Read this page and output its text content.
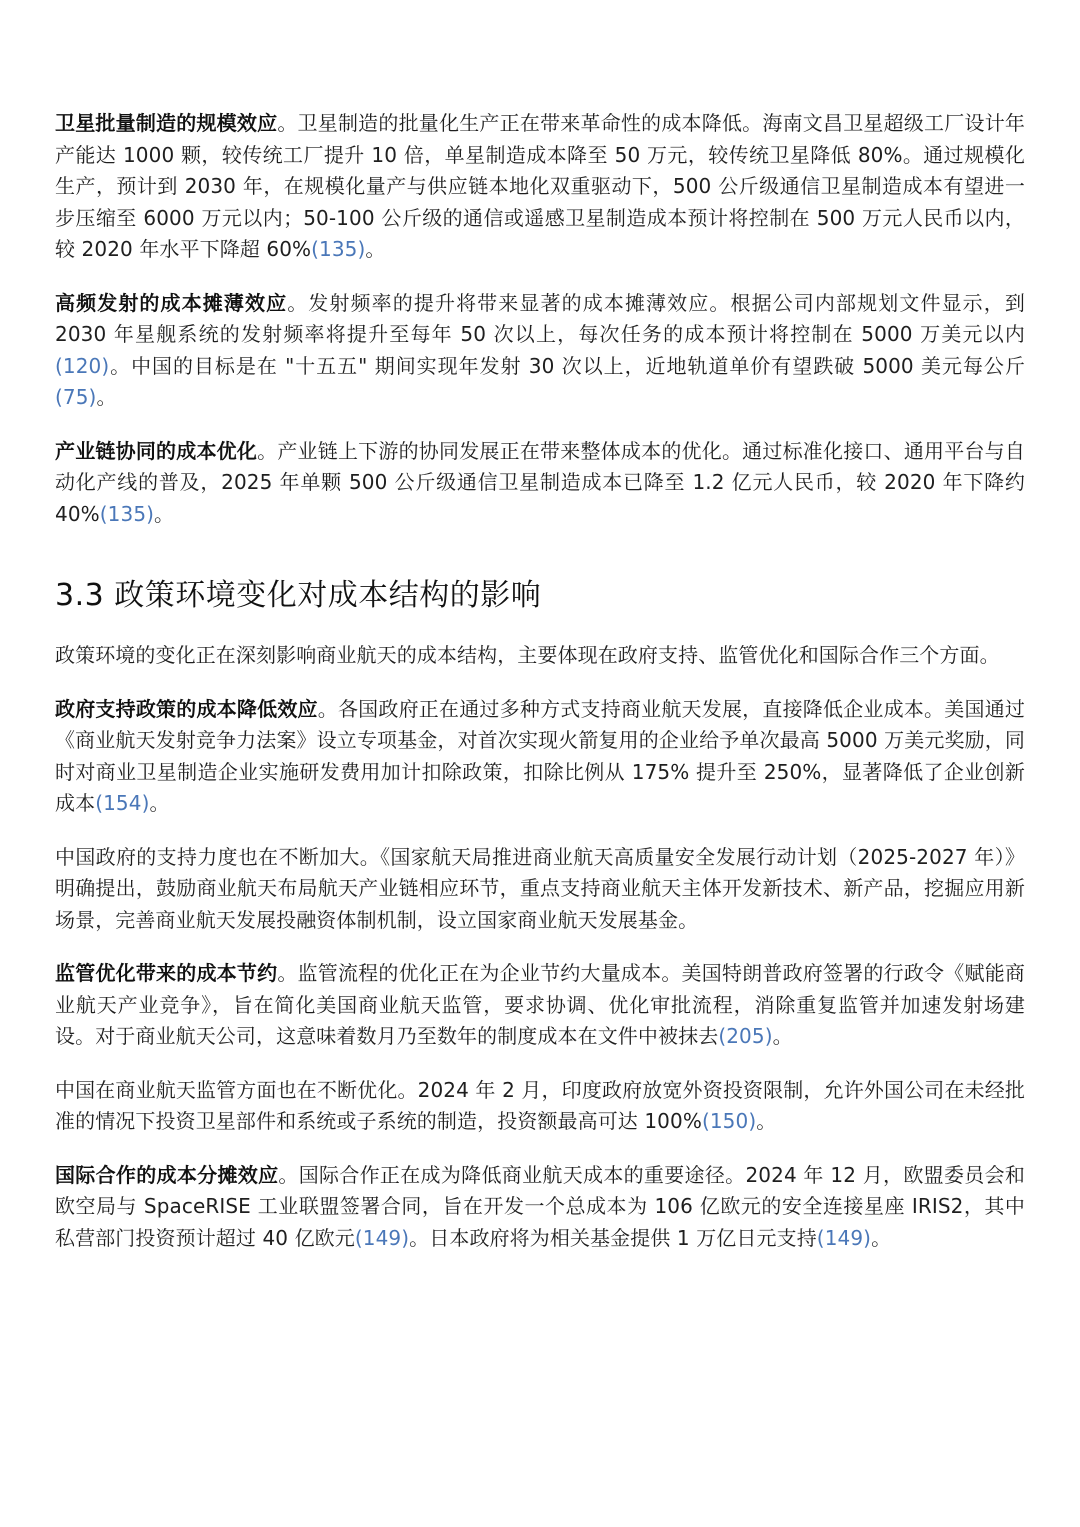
卫星批量制造的规模效应。卫星制造的批量化生产正在带来革命性的成本降低。海南文昌卫星超级工厂设计年产能达 1000 颗，较传统工厂提升 10 倍，单星制造成本降至 50 万元，较传统卫星降低 80%。通过规模化生产，预计到 2030 年，在规模化量产与供应链本地化双重驱动下，500 公斤级通信卫星制造成本有望进一步压缩至 6000 万元以内；50-100 公斤级的通信或遥感卫星制造成本预计将控制在 500 万元人民币以内，较 2020 年水平下降超 60%(135)。

高频发射的成本摊薄效应。发射频率的提升将带来显著的成本摊薄效应。根据公司内部规划文件显示，到 2030 年星舰系统的发射频率将提升至每年 50 次以上，每次任务的成本预计将控制在 5000 万美元以内(120)。中国的目标是在 "十五五" 期间实现年发射 30 次以上，近地轨道单价有望跌破 5000 美元每公斤(75)。

产业链协同的成本优化。产业链上下游的协同发展正在带来整体成本的优化。通过标准化接口、通用平台与自动化产线的普及，2025 年单颗 500 公斤级通信卫星制造成本已降至 1.2 亿元人民币，较 2020 年下降约 40%(135)。

3.3 政策环境变化对成本结构的影响

政策环境的变化正在深刻影响商业航天的成本结构，主要体现在政府支持、监管优化和国际合作三个方面。

政府支持政策的成本降低效应。各国政府正在通过多种方式支持商业航天发展，直接降低企业成本。美国通过《商业航天发射竞争力法案》设立专项基金，对首次实现火箭复用的企业给予单次最高 5000 万美元奖励，同时对商业卫星制造企业实施研发费用加计扣除政策，扣除比例从 175% 提升至 250%，显著降低了企业创新成本(154)。

中国政府的支持力度也在不断加大。《国家航天局推进商业航天高质量安全发展行动计划（2025-2027 年）》明确提出，鼓励商业航天布局航天产业链相应环节，重点支持商业航天主体开发新技术、新产品，挖掘应用新场景，完善商业航天发展投融资体制机制，设立国家商业航天发展基金。

监管优化带来的成本节约。监管流程的优化正在为企业节约大量成本。美国特朗普政府签署的行政令《赋能商业航天产业竞争》，旨在简化美国商业航天监管，要求协调、优化审批流程，消除重复监管并加速发射场建设。对于商业航天公司，这意味着数月乃至数年的制度成本在文件中被抹去(205)。

中国在商业航天监管方面也在不断优化。2024 年 2 月，印度政府放宽外资投资限制，允许外国公司在未经批准的情况下投资卫星部件和系统或子系统的制造，投资额最高可达 100%(150)。

国际合作的成本分摊效应。国际合作正在成为降低商业航天成本的重要途径。2024 年 12 月，欧盟委员会和欧空局与 SpaceRISE 工业联盟签署合同，旨在开发一个总成本为 106 亿欧元的安全连接星座 IRIS2，其中私营部门投资预计超过 40 亿欧元(149)。日本政府将为相关基金提供 1 万亿日元支持(149)。
